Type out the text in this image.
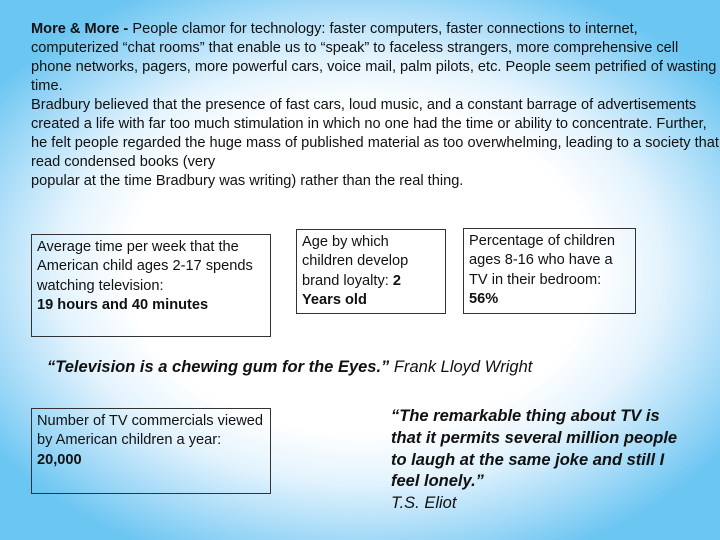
More & More - People clamor for technology: faster computers, faster connections to internet, computerized “chat rooms” that enable us to “speak” to faceless strangers, more comprehensive cell phone networks, pagers, more powerful cars, voice mail, palm pilots, etc. People seem petrified of wasting time.
Bradbury believed that the presence of fast cars, loud music, and a constant barrage of advertisements created a life with far too much stimulation in which no one had the time or ability to concentrate. Further, he felt people regarded the huge mass of published material as too overwhelming, leading to a society that read condensed books (very
popular at the time Bradbury was writing) rather than the real thing.

Average time per week that the American child ages 2-17 spends watching television:
19 hours and 40 minutes
Age by which children develop brand loyalty: 2 Years old
Percentage of children ages 8-16 who have a TV in their bedroom: 56%
“Television is a chewing gum for the Eyes.” Frank Lloyd Wright
Number of TV commercials viewed by American children a year: 20,000
“The remarkable thing about TV is that it permits several million people to laugh at the same joke and still I feel lonely.”
T.S. Eliot
